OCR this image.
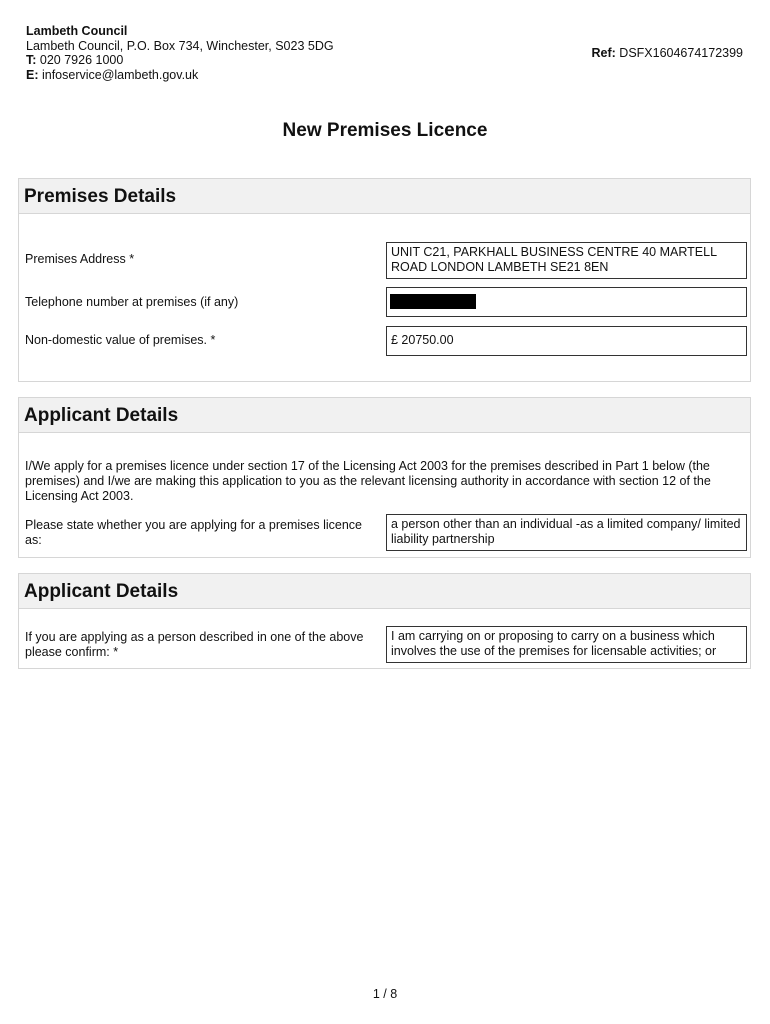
Lambeth Council
Lambeth Council, P.O. Box 734, Winchester, S023 5DG
T: 020 7926 1000
E: infoservice@lambeth.gov.uk
Ref: DSFX1604674172399
New Premises Licence
Premises Details
Premises Address *	UNIT C21, PARKHALL BUSINESS CENTRE 40 MARTELL ROAD LONDON LAMBETH SE21 8EN
Telephone number at premises (if any)
Non-domestic value of premises. *	£ 20750.00
Applicant Details
I/We apply for a premises licence under section 17 of the Licensing Act 2003 for the premises described in Part 1 below (the premises) and I/we are making this application to you as the relevant licensing authority in accordance with section 12 of the Licensing Act 2003.
Please state whether you are applying for a premises licence as:
a person other than an individual -as a limited company/ limited liability partnership
Applicant Details
If you are applying as a person described in one of the above please confirm: *
I am carrying on or proposing to carry on a business which involves the use of the premises for licensable activities; or
1 / 8
